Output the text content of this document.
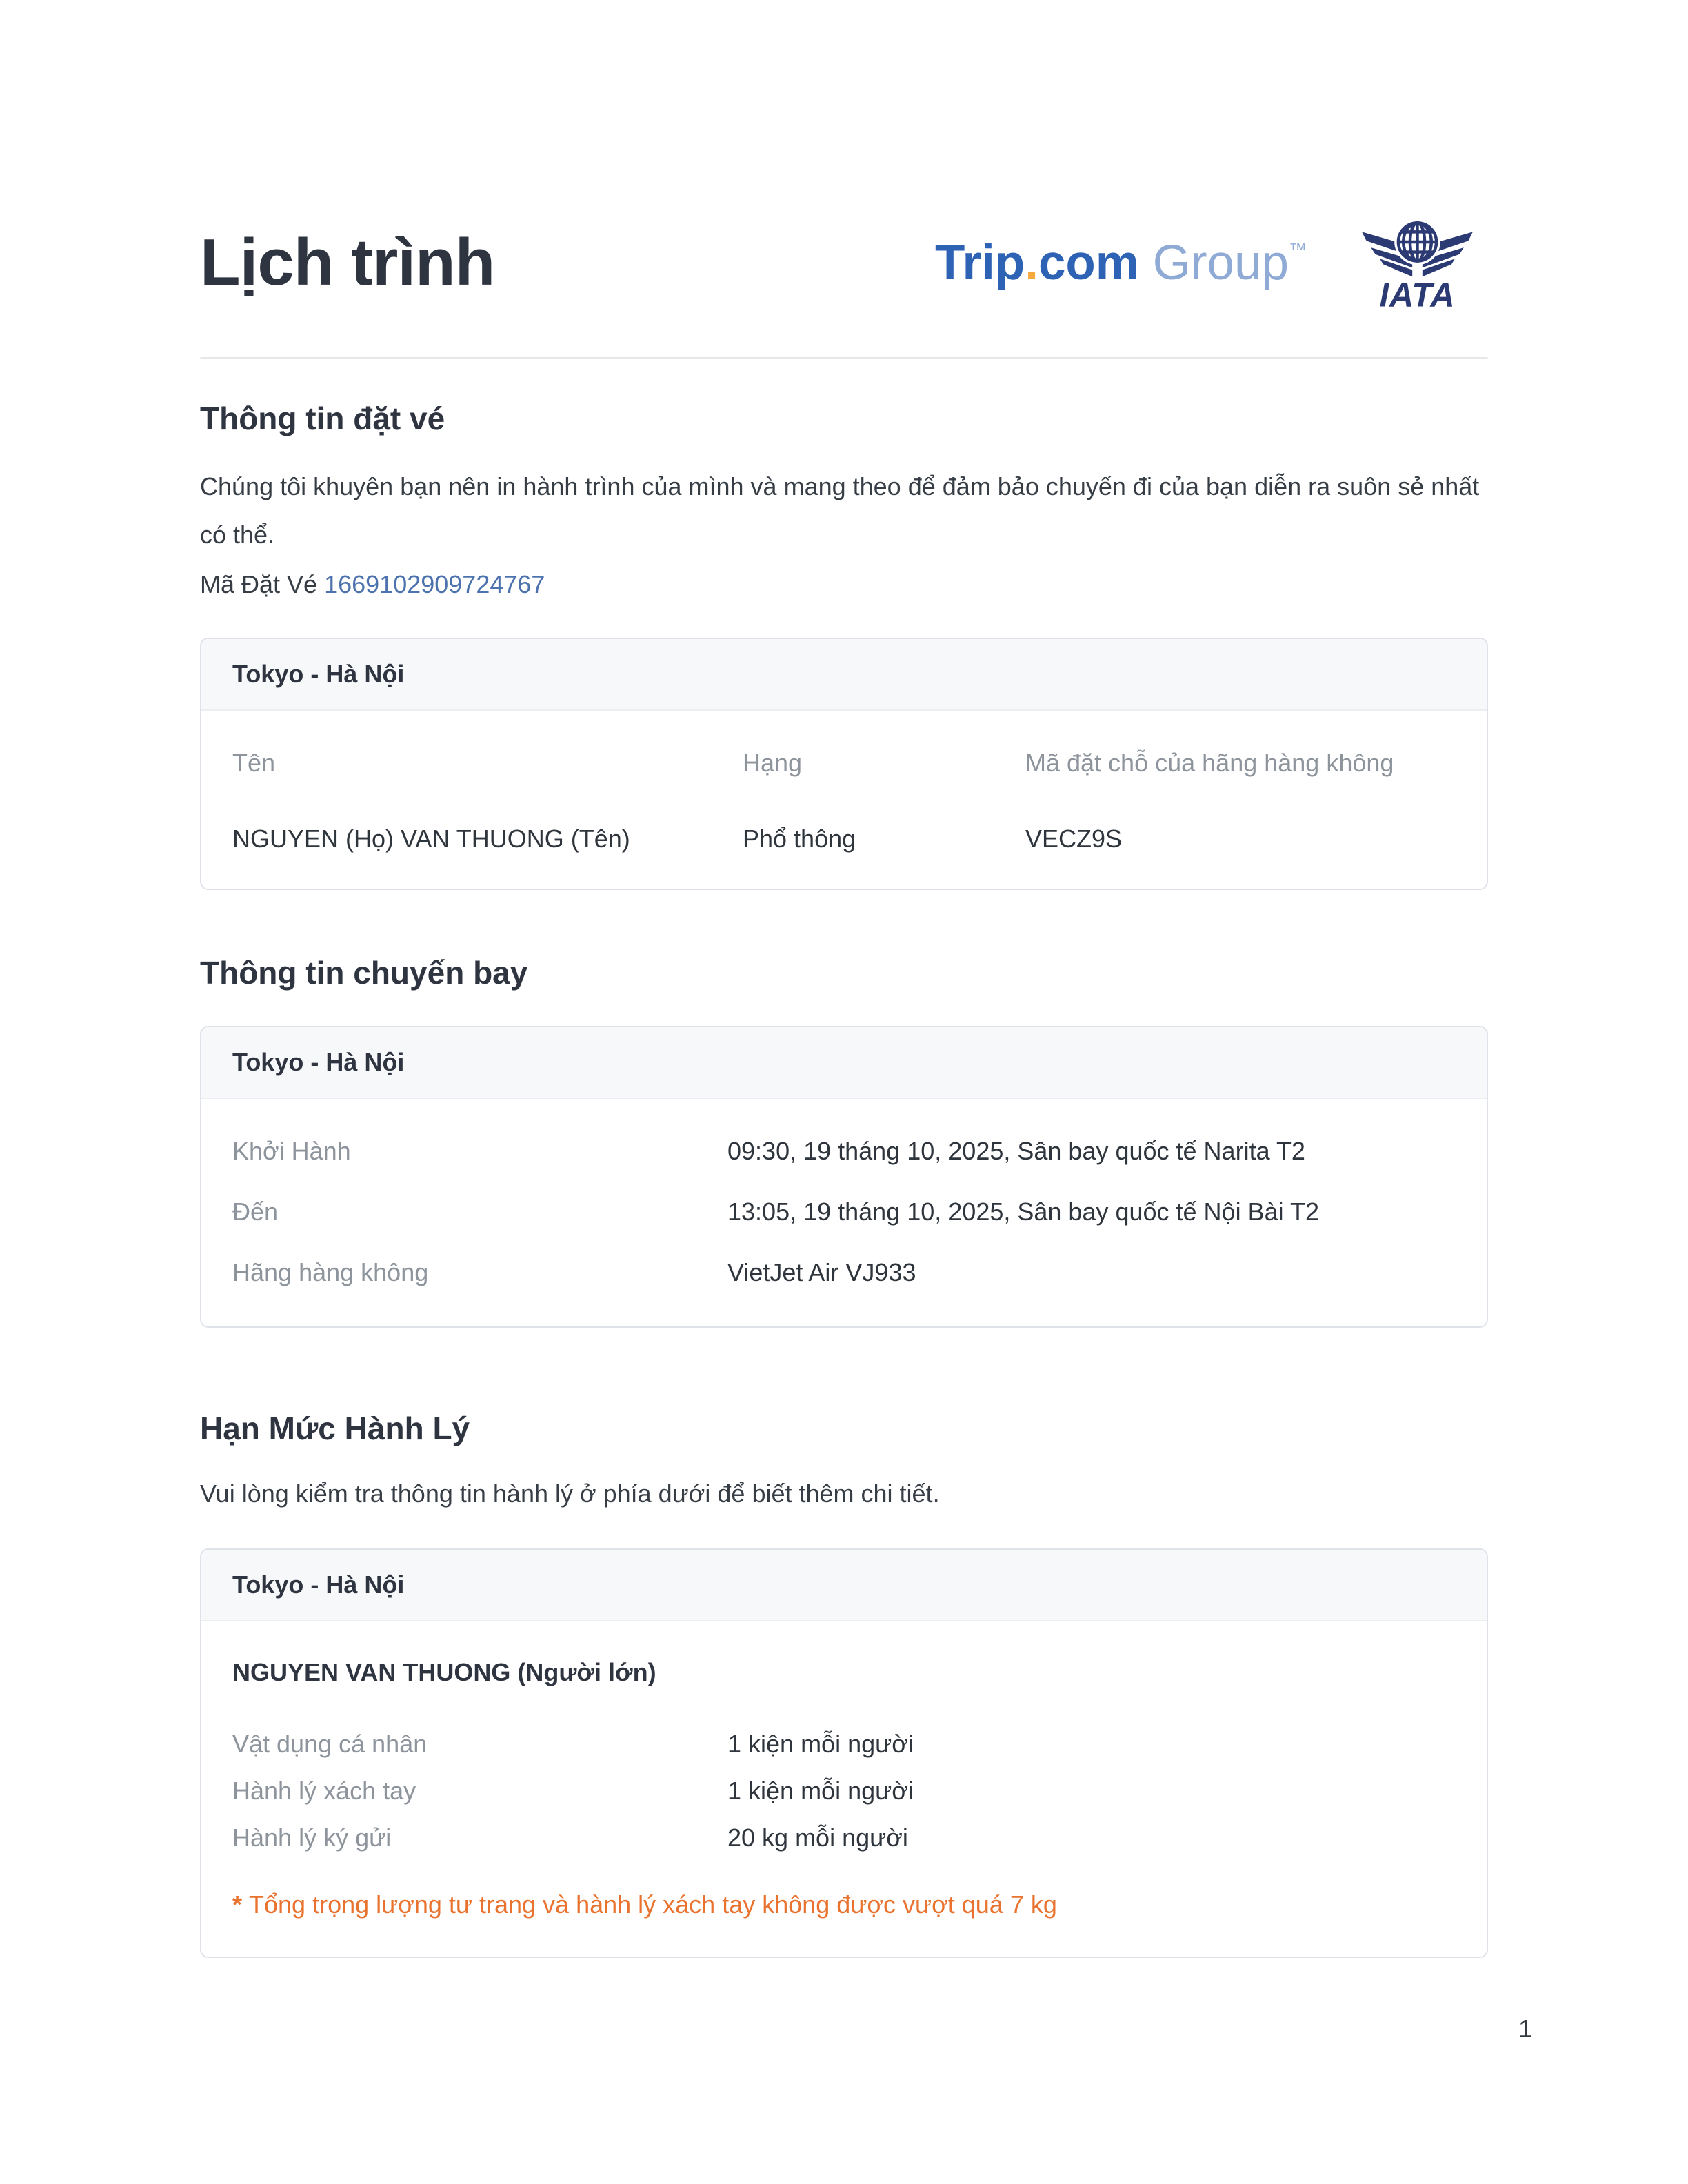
Lịch trình	Trip.com Group™
IATA
Thông tin đặt vé

Chúng tôi khuyên bạn nên in hành trình của mình và mang theo để đảm bảo chuyến đi của bạn diễn ra suôn sẻ nhất có thể.

Mã Đặt Vé 1669102909724767

Tokyo - Hà Nội
Tên	Hạng	Mã đặt chỗ của hãng hàng không
NGUYEN (Họ) VAN THUONG (Tên)	Phổ thông	VECZ9S
Thông tin chuyến bay
Tokyo - Hà Nội
Khởi Hành	09:30, 19 tháng 10, 2025, Sân bay quốc tế Narita T2
Đến	13:05, 19 tháng 10, 2025, Sân bay quốc tế Nội Bài T2
Hãng hàng không	VietJet Air VJ933
Hạn Mức Hành Lý

Vui lòng kiểm tra thông tin hành lý ở phía dưới để biết thêm chi tiết.

Tokyo - Hà Nội
NGUYEN VAN THUONG (Người lớn)
Vật dụng cá nhân	1 kiện mỗi người
Hành lý xách tay	1 kiện mỗi người
Hành lý ký gửi	20 kg mỗi người
* Tổng trọng lượng tư trang và hành lý xách tay không được vượt quá 7 kg
1
